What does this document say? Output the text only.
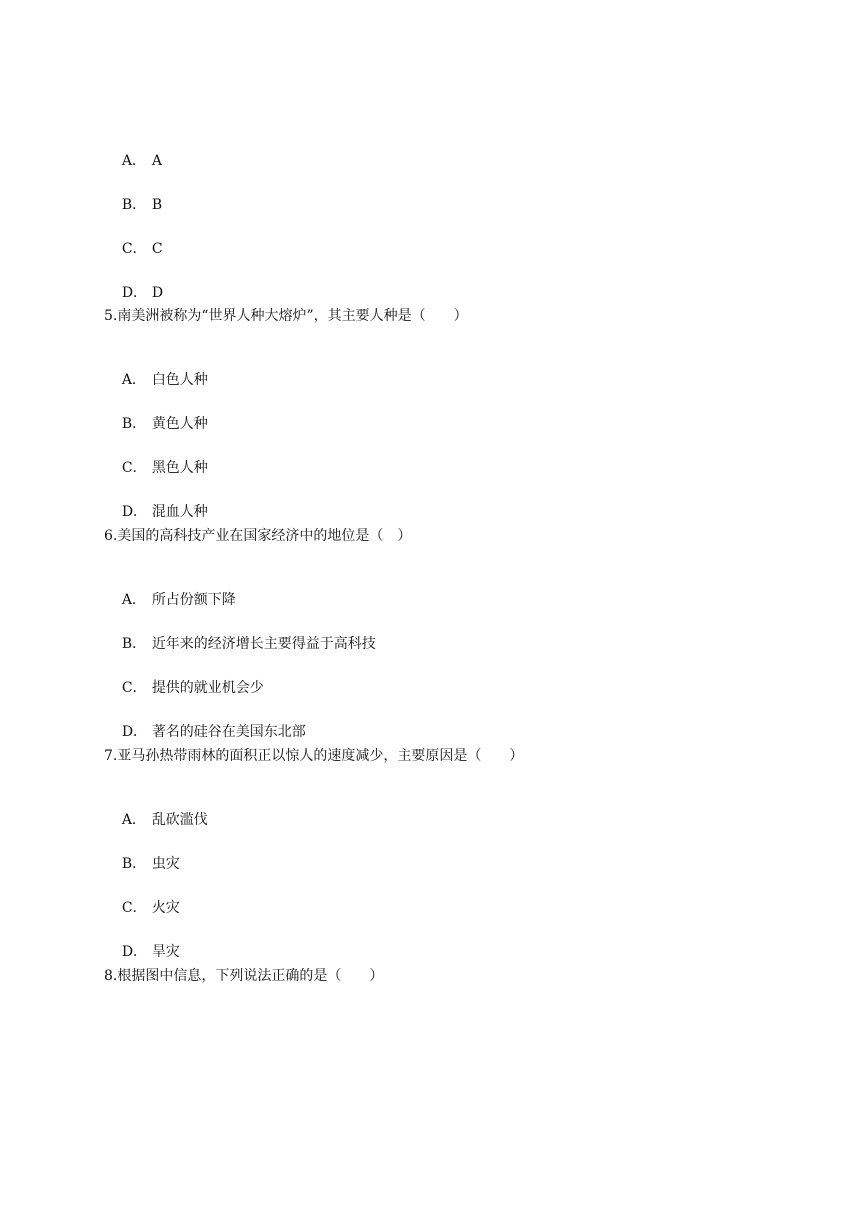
A． A

B． B

C． C

D． D

5.南美洲被称为“世界人种大熔炉”，其主要人种是（　　）

A． 白色人种

B． 黄色人种

C． 黑色人种

D． 混血人种

6.美国的高科技产业在国家经济中的地位是（　）

A． 所占份额下降

B． 近年来的经济增长主要得益于高科技

C． 提供的就业机会少

D． 著名的硅谷在美国东北部

7.亚马孙热带雨林的面积正以惊人的速度减少，主要原因是（　　）

A． 乱砍滥伐

B． 虫灾

C． 火灾

D． 旱灾

8.根据图中信息，下列说法正确的是（　　）
